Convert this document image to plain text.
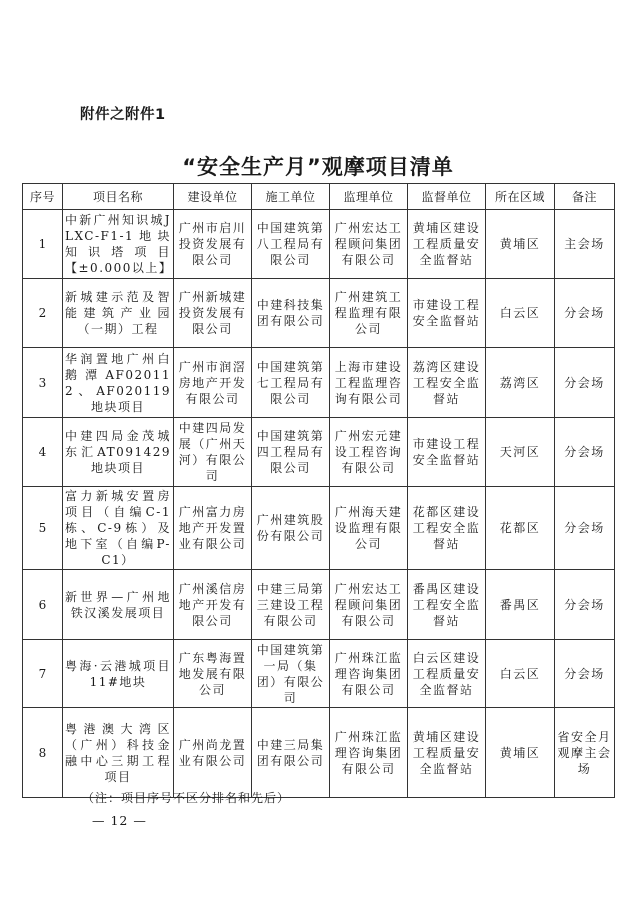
附件之附件1
“安全生产月”观摩项目清单
序号	项目名称	建设单位	施工单位	监理单位	监督单位	所在区域	备注
1	中新广州知识城JLXC-F1-1地块知识塔项目【±0.000以上】	广州市启川投资发展有限公司	中国建筑第八工程局有限公司	广州宏达工程顾问集团有限公司	黄埔区建设工程质量安全监督站	黄埔区	主会场
2	新城建示范及智能建筑产业园（一期）工程	广州新城建投资发展有限公司	中建科技集团有限公司	广州建筑工程监理有限公司	市建设工程安全监督站	白云区	分会场
3	华润置地广州白鹅潭AF020112、AF020119地块项目	广州市润滘房地产开发有限公司	中国建筑第七工程局有限公司	上海市建设工程监理咨询有限公司	荔湾区建设工程安全监督站	荔湾区	分会场
4	中建四局金茂城东汇AT091429地块项目	中建四局发展（广州天河）有限公司	中国建筑第四工程局有限公司	广州宏元建设工程咨询有限公司	市建设工程安全监督站	天河区	分会场
5	富力新城安置房项目（自编C-1栋、C-9栋）及地下室（自编P-C1）	广州富力房地产开发置业有限公司	广州建筑股份有限公司	广州海天建设监理有限公司	花都区建设工程安全监督站	花都区	分会场
6	新世界—广州地铁汉溪发展项目	广州溪信房地产开发有限公司	中建三局第三建设工程有限公司	广州宏达工程顾问集团有限公司	番禺区建设工程安全监督站	番禺区	分会场
7	粤海·云港城项目11#地块	广东粤海置地发展有限公司	中国建筑第一局（集团）有限公司	广州珠江监理咨询集团有限公司	白云区建设工程质量安全监督站	白云区	分会场
8	粤港澳大湾区（广州）科技金融中心三期工程项目	广州尚龙置业有限公司	中建三局集团有限公司	广州珠江监理咨询集团有限公司	黄埔区建设工程质量安全监督站	黄埔区	省安全月观摩主会场
（注：项目序号不区分排名和先后）
— 12 —
